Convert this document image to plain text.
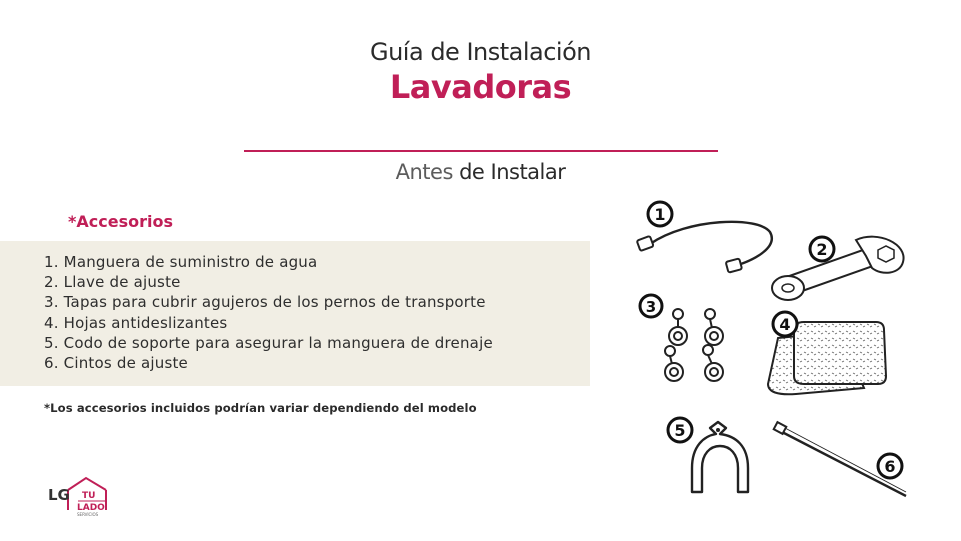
Guía de Instalación
Lavadoras
Antes de Instalar
*Accesorios
1. Manguera de suministro de agua
2. Llave de ajuste
3. Tapas para cubrir agujeros de los pernos de transporte
4. Hojas antideslizantes
5. Codo de soporte para asegurar la manguera de drenaje
6. Cintos de ajuste
*Los accesorios incluidos podrían variar dependiendo del modelo
LG TU
LADO
SERVICIOS
1
2
3
4
5
6
